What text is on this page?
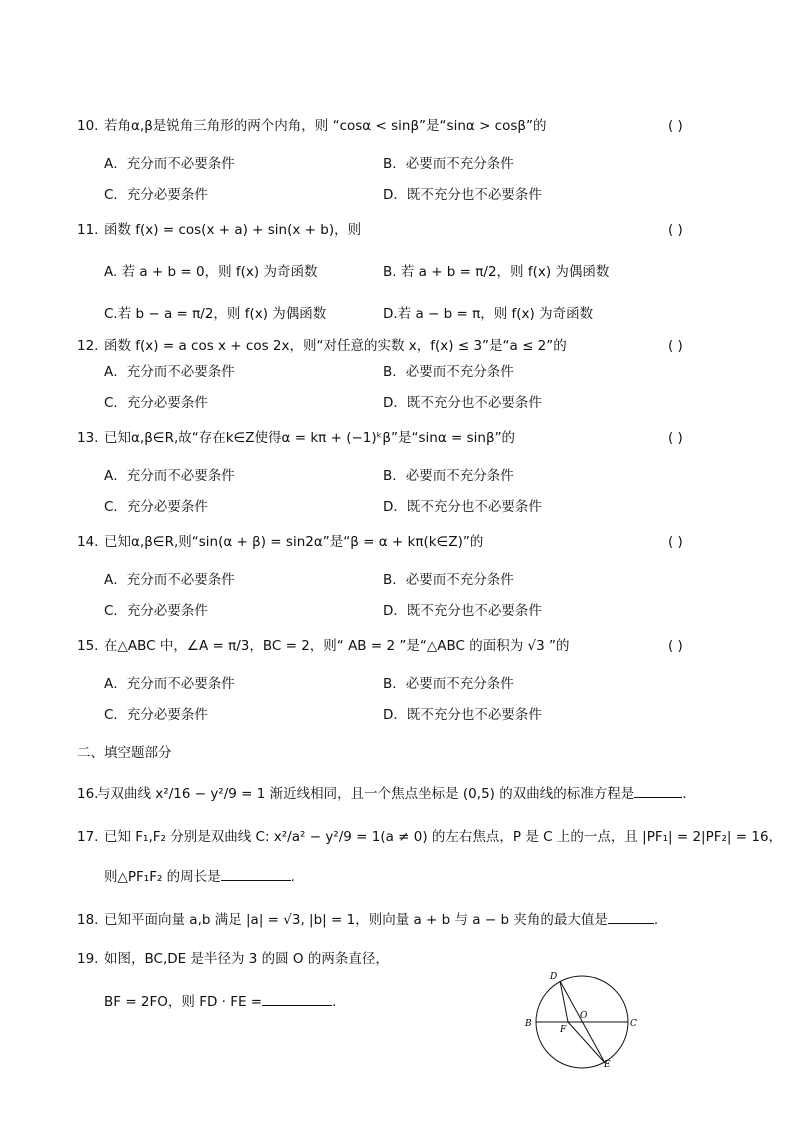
10. 若角α,β是锐角三角形的两个内角，则 “cosα < sinβ”是“sinα > cosβ”的	( )
A．充分而不必要条件	B．必要而不充分条件
C．充分必要条件	D．既不充分也不必要条件
11. 函数 f(x) = cos(x + a) + sin(x + b)，则	( )
A. 若 a + b = 0，则 f(x) 为奇函数	B. 若 a + b = π/2，则 f(x) 为偶函数
C.若 b − a = π/2，则 f(x) 为偶函数	D.若 a − b = π，则 f(x) 为奇函数
12. 函数 f(x) = a cos x + cos 2x，则“对任意的实数 x，f(x) ≤ 3”是“a ≤ 2”的	( )
A．充分而不必要条件	B．必要而不充分条件
C．充分必要条件	D．既不充分也不必要条件
13. 已知α,β∈R,故“存在k∈Z使得α = kπ + (−1)ᵏβ”是“sinα = sinβ”的	( )
A．充分而不必要条件	B．必要而不充分条件
C．充分必要条件	D．既不充分也不必要条件
14. 已知α,β∈R,则“sin(α + β) = sin2α”是“β = α + kπ(k∈Z)”的	( )
A．充分而不必要条件	B．必要而不充分条件
C．充分必要条件	D．既不充分也不必要条件
15. 在△ABC 中，∠A = π/3，BC = 2，则“ AB = 2 ”是“△ABC 的面积为 √3 ”的	( )
A．充分而不必要条件	B．必要而不充分条件
C．充分必要条件	D．既不充分也不必要条件
二、填空题部分
16.
与双曲线 x²/16 − y²/9 = 1 渐近线相同，且一个焦点坐标是 (0,5) 的双曲线的标准方程是	.
17. 已知 F₁,F₂ 分别是双曲线 C: x²/a² − y²/9 = 1(a ≠ 0) 的左右焦点，P 是 C 上的一点，且 |PF₁| = 2|PF₂| = 16，
则△PF₁F₂ 的周长是	.
18. 已知平面向量 a,b 满足 |a| = √3, |b| = 1，则向量 a + b 与 a − b 夹角的最大值是	.
19. 如图，BC,DE 是半径为 3 的圆 O 的两条直径，
BF = 2FO，则 FD · FE =	.
D
O
B
F
C
E
